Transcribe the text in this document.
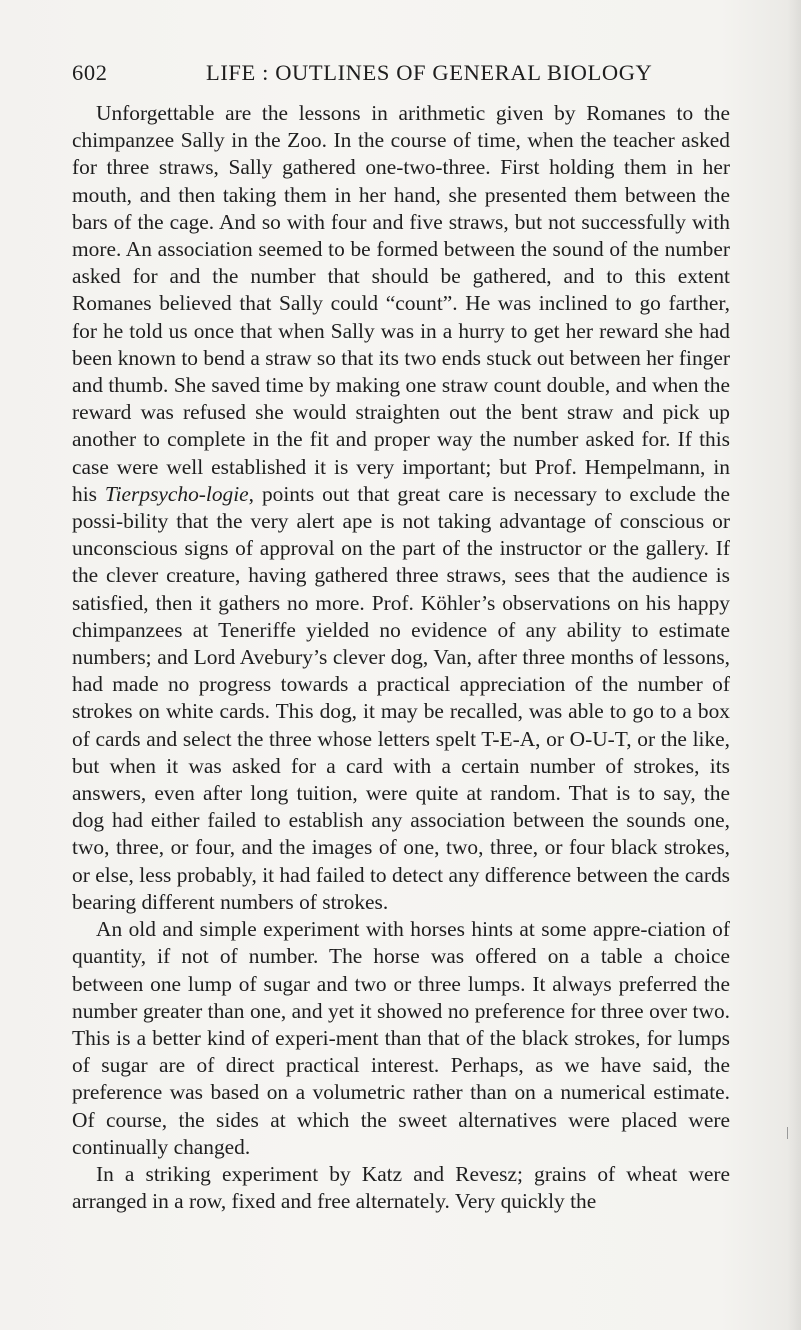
602	LIFE : OUTLINES OF GENERAL BIOLOGY

Unforgettable are the lessons in arithmetic given by Romanes to the chimpanzee Sally in the Zoo. In the course of time, when the teacher asked for three straws, Sally gathered one-two-three. First holding them in her mouth, and then taking them in her hand, she presented them between the bars of the cage. And so with four and five straws, but not successfully with more. An association seemed to be formed between the sound of the number asked for and the number that should be gathered, and to this extent Romanes believed that Sally could “count”. He was inclined to go farther, for he told us once that when Sally was in a hurry to get her reward she had been known to bend a straw so that its two ends stuck out between her finger and thumb. She saved time by making one straw count double, and when the reward was refused she would straighten out the bent straw and pick up another to complete in the fit and proper way the number asked for. If this case were well established it is very important; but Prof. Hempelmann, in his Tierpsycho-logie, points out that great care is necessary to exclude the possi-bility that the very alert ape is not taking advantage of conscious or unconscious signs of approval on the part of the instructor or the gallery. If the clever creature, having gathered three straws, sees that the audience is satisfied, then it gathers no more. Prof. Köhler’s observations on his happy chimpanzees at Teneriffe yielded no evidence of any ability to estimate numbers; and Lord Avebury’s clever dog, Van, after three months of lessons, had made no progress towards a practical appreciation of the number of strokes on white cards. This dog, it may be recalled, was able to go to a box of cards and select the three whose letters spelt T-E-A, or O-U-T, or the like, but when it was asked for a card with a certain number of strokes, its answers, even after long tuition, were quite at random. That is to say, the dog had either failed to establish any association between the sounds one, two, three, or four, and the images of one, two, three, or four black strokes, or else, less probably, it had failed to detect any difference between the cards bearing different numbers of strokes.

An old and simple experiment with horses hints at some appre-ciation of quantity, if not of number. The horse was offered on a table a choice between one lump of sugar and two or three lumps. It always preferred the number greater than one, and yet it showed no preference for three over two. This is a better kind of experi-ment than that of the black strokes, for lumps of sugar are of direct practical interest. Perhaps, as we have said, the preference was based on a volumetric rather than on a numerical estimate. Of course, the sides at which the sweet alternatives were placed were continually changed.

In a striking experiment by Katz and Revesz; grains of wheat were arranged in a row, fixed and free alternately. Very quickly the
